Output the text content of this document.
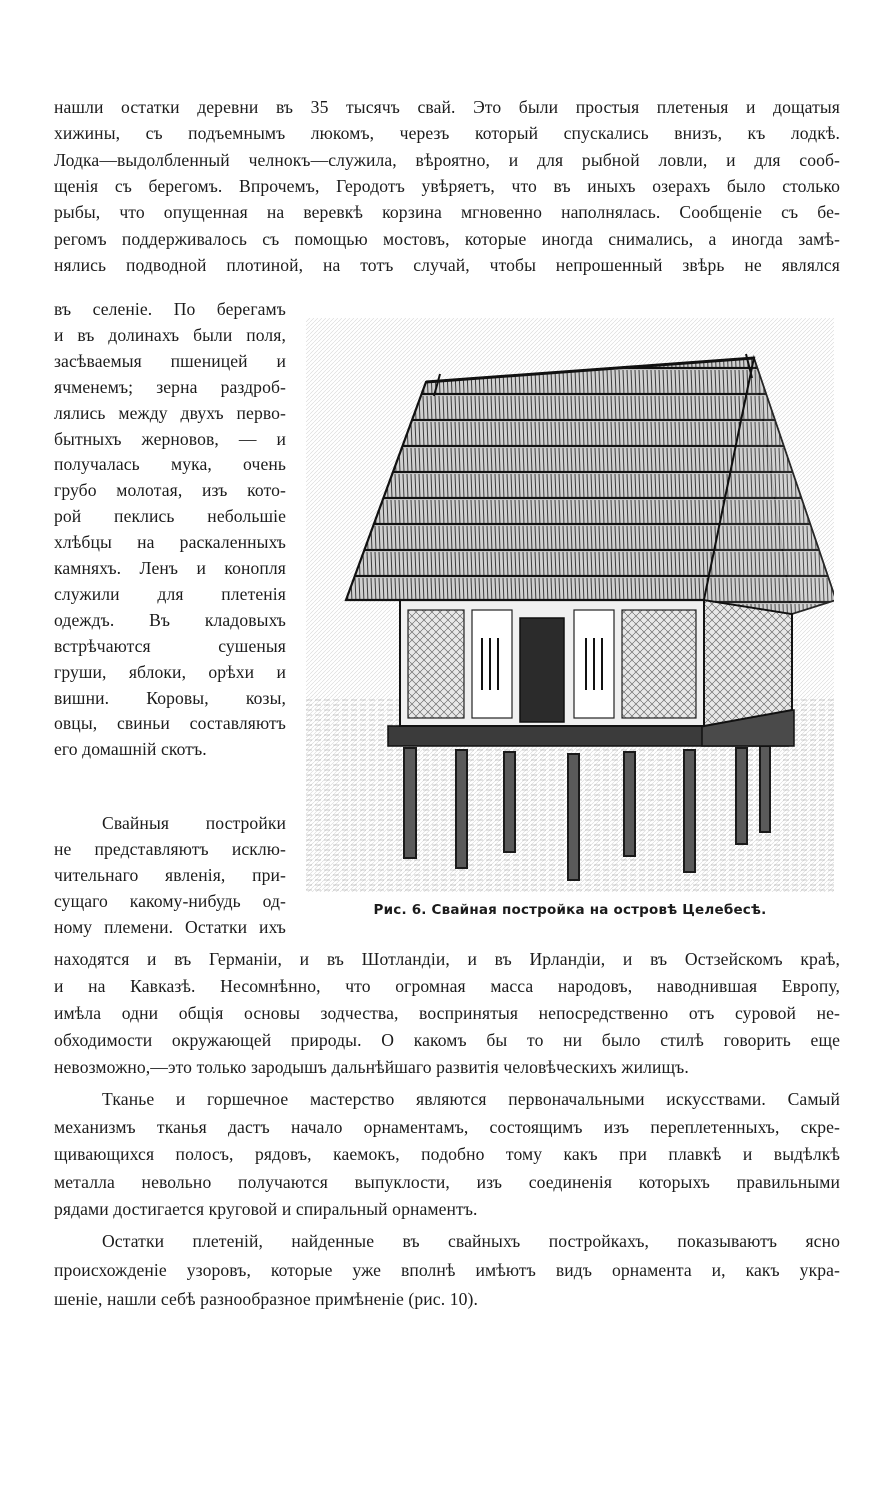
нашли остатки деревни въ 35 тысячъ свай. Это были простыя плетеныя и дощатыя
хижины, съ подъемнымъ люкомъ, черезъ который спускались внизъ, къ лодкѣ.
Лодка—выдолбленный челнокъ—служила, вѣроятно, и для рыбной ловли, и для сооб-
щенія съ берегомъ. Впрочемъ, Геродотъ увѣряетъ, что въ иныхъ озерахъ было столько
рыбы, что опущенная на веревкѣ корзина мгновенно наполнялась. Сообщеніе съ бе-
регомъ поддерживалось съ помощью мостовъ, которые иногда снимались, а иногда замѣ-
нялись подводной плотиной, на тотъ случай, чтобы непрошенный звѣрь не являлся
въ селеніе. По берегамъ
и въ долинахъ были поля,
засѣваемыя пшеницей и
ячменемъ; зерна раздроб-
лялись между двухъ перво-
бытныхъ жерновов, — и
получалась мука, очень
грубо молотая, изъ кото-
рой пеклись небольшіе
хлѣбцы на раскаленныхъ
камняхъ. Ленъ и конопля
служили для плетенія
одеждъ. Въ кладовыхъ
встрѣчаются сушеныя
груши, яблоки, орѣхи и
вишни. Коровы, козы,
овцы, свиньи составляютъ
его домашній скотъ.
Свайныя постройки
не представляютъ исклю-
чительнаго явленія, при-
сущаго какому-нибудь од-
ному племени. Остатки ихъ
Рис. 6. Свайная постройка на островѣ Целебесѣ.
находятся и въ Германіи, и въ Шотландіи, и въ Ирландіи, и въ Остзейскомъ краѣ,
и на Кавказѣ. Несомнѣнно, что огромная масса народовъ, наводнившая Европу,
имѣла одни общія основы зодчества, воспринятыя непосредственно отъ суровой не-
обходимости окружающей природы. О какомъ бы то ни было стилѣ говорить еще
невозможно,—это только зародышъ дальнѣйшаго развитія человѣческихъ жилищъ.
Тканье и горшечное мастерство являются первоначальными искусствами. Самый
механизмъ тканья дастъ начало орнаментамъ, состоящимъ изъ переплетенныхъ, скре-
щивающихся полосъ, рядовъ, каемокъ, подобно тому какъ при плавкѣ и выдѣлкѣ
металла невольно получаются выпуклости, изъ соединенія которыхъ правильными
рядами достигается круговой и спиральный орнаментъ.
Остатки плетеній, найденные въ свайныхъ постройкахъ, показываютъ ясно
происхожденіе узоровъ, которые уже вполнѣ имѣютъ видъ орнамента и, какъ укра-
шеніе, нашли себѣ разнообразное примѣненіе (рис. 10).
